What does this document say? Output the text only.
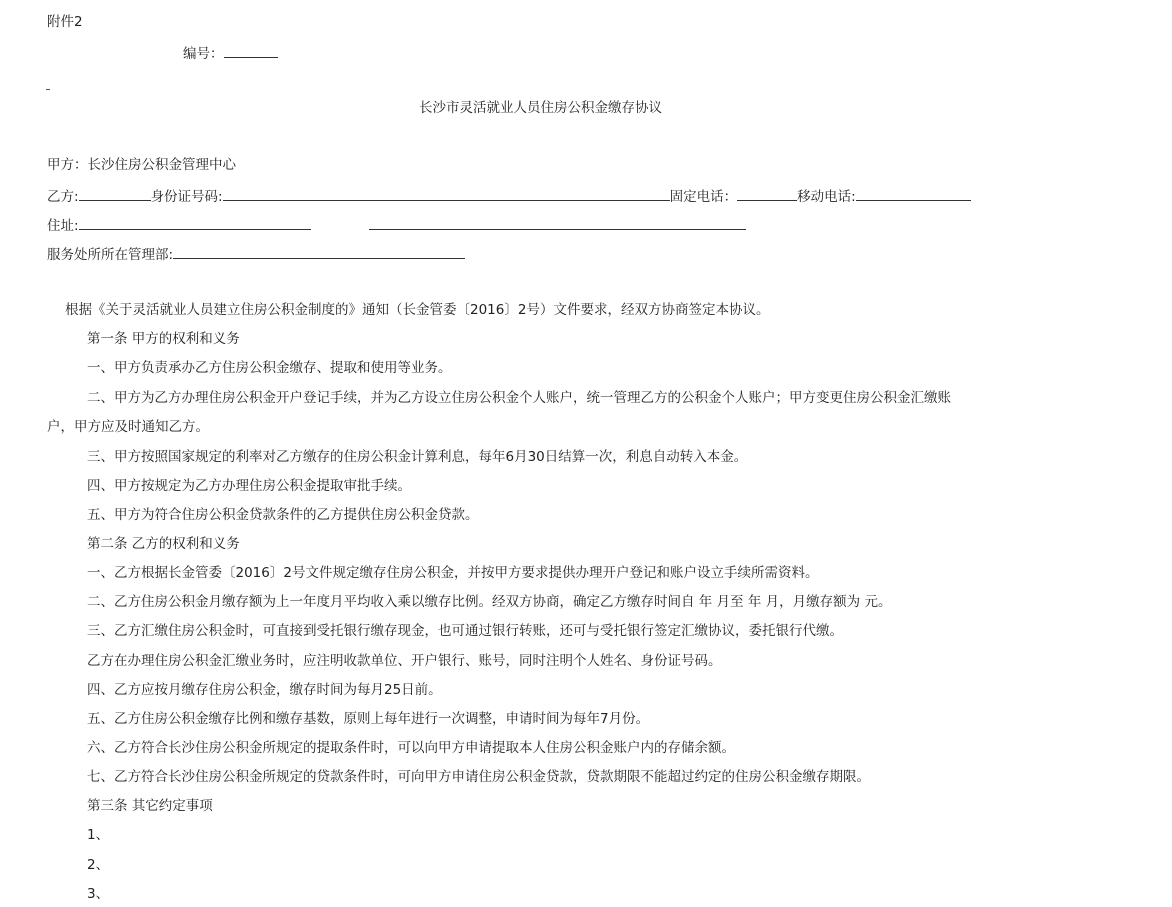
附件2
编号：
长沙市灵活就业人员住房公积金缴存协议
甲方：长沙住房公积金管理中心
乙方:	身份证号码:	固定电话：	移动电话:
住址:
服务处所所在管理部:
根据《关于灵活就业人员建立住房公积金制度的》通知（长金管委〔2016〕2号）文件要求，经双方协商签定本协议。
第一条 甲方的权利和义务
一、甲方负责承办乙方住房公积金缴存、提取和使用等业务。
二、甲方为乙方办理住房公积金开户登记手续，并为乙方设立住房公积金个人账户，统一管理乙方的公积金个人账户；甲方变更住房公积金汇缴账
户，甲方应及时通知乙方。
三、甲方按照国家规定的利率对乙方缴存的住房公积金计算利息，每年6月30日结算一次，利息自动转入本金。
四、甲方按规定为乙方办理住房公积金提取审批手续。
五、甲方为符合住房公积金贷款条件的乙方提供住房公积金贷款。
第二条 乙方的权利和义务
一、乙方根据长金管委〔2016〕2号文件规定缴存住房公积金，并按甲方要求提供办理开户登记和账户设立手续所需资料。
二、乙方住房公积金月缴存额为上一年度月平均收入乘以缴存比例。经双方协商，确定乙方缴存时间自 年 月至 年 月，月缴存额为 元。
三、乙方汇缴住房公积金时，可直接到受托银行缴存现金，也可通过银行转账，还可与受托银行签定汇缴协议，委托银行代缴。
乙方在办理住房公积金汇缴业务时，应注明收款单位、开户银行、账号，同时注明个人姓名、身份证号码。
四、乙方应按月缴存住房公积金，缴存时间为每月25日前。
五、乙方住房公积金缴存比例和缴存基数，原则上每年进行一次调整，申请时间为每年7月份。
六、乙方符合长沙住房公积金所规定的提取条件时，可以向甲方申请提取本人住房公积金账户内的存储余额。
七、乙方符合长沙住房公积金所规定的贷款条件时，可向甲方申请住房公积金贷款，贷款期限不能超过约定的住房公积金缴存期限。
第三条 其它约定事项
1、
2、
3、
